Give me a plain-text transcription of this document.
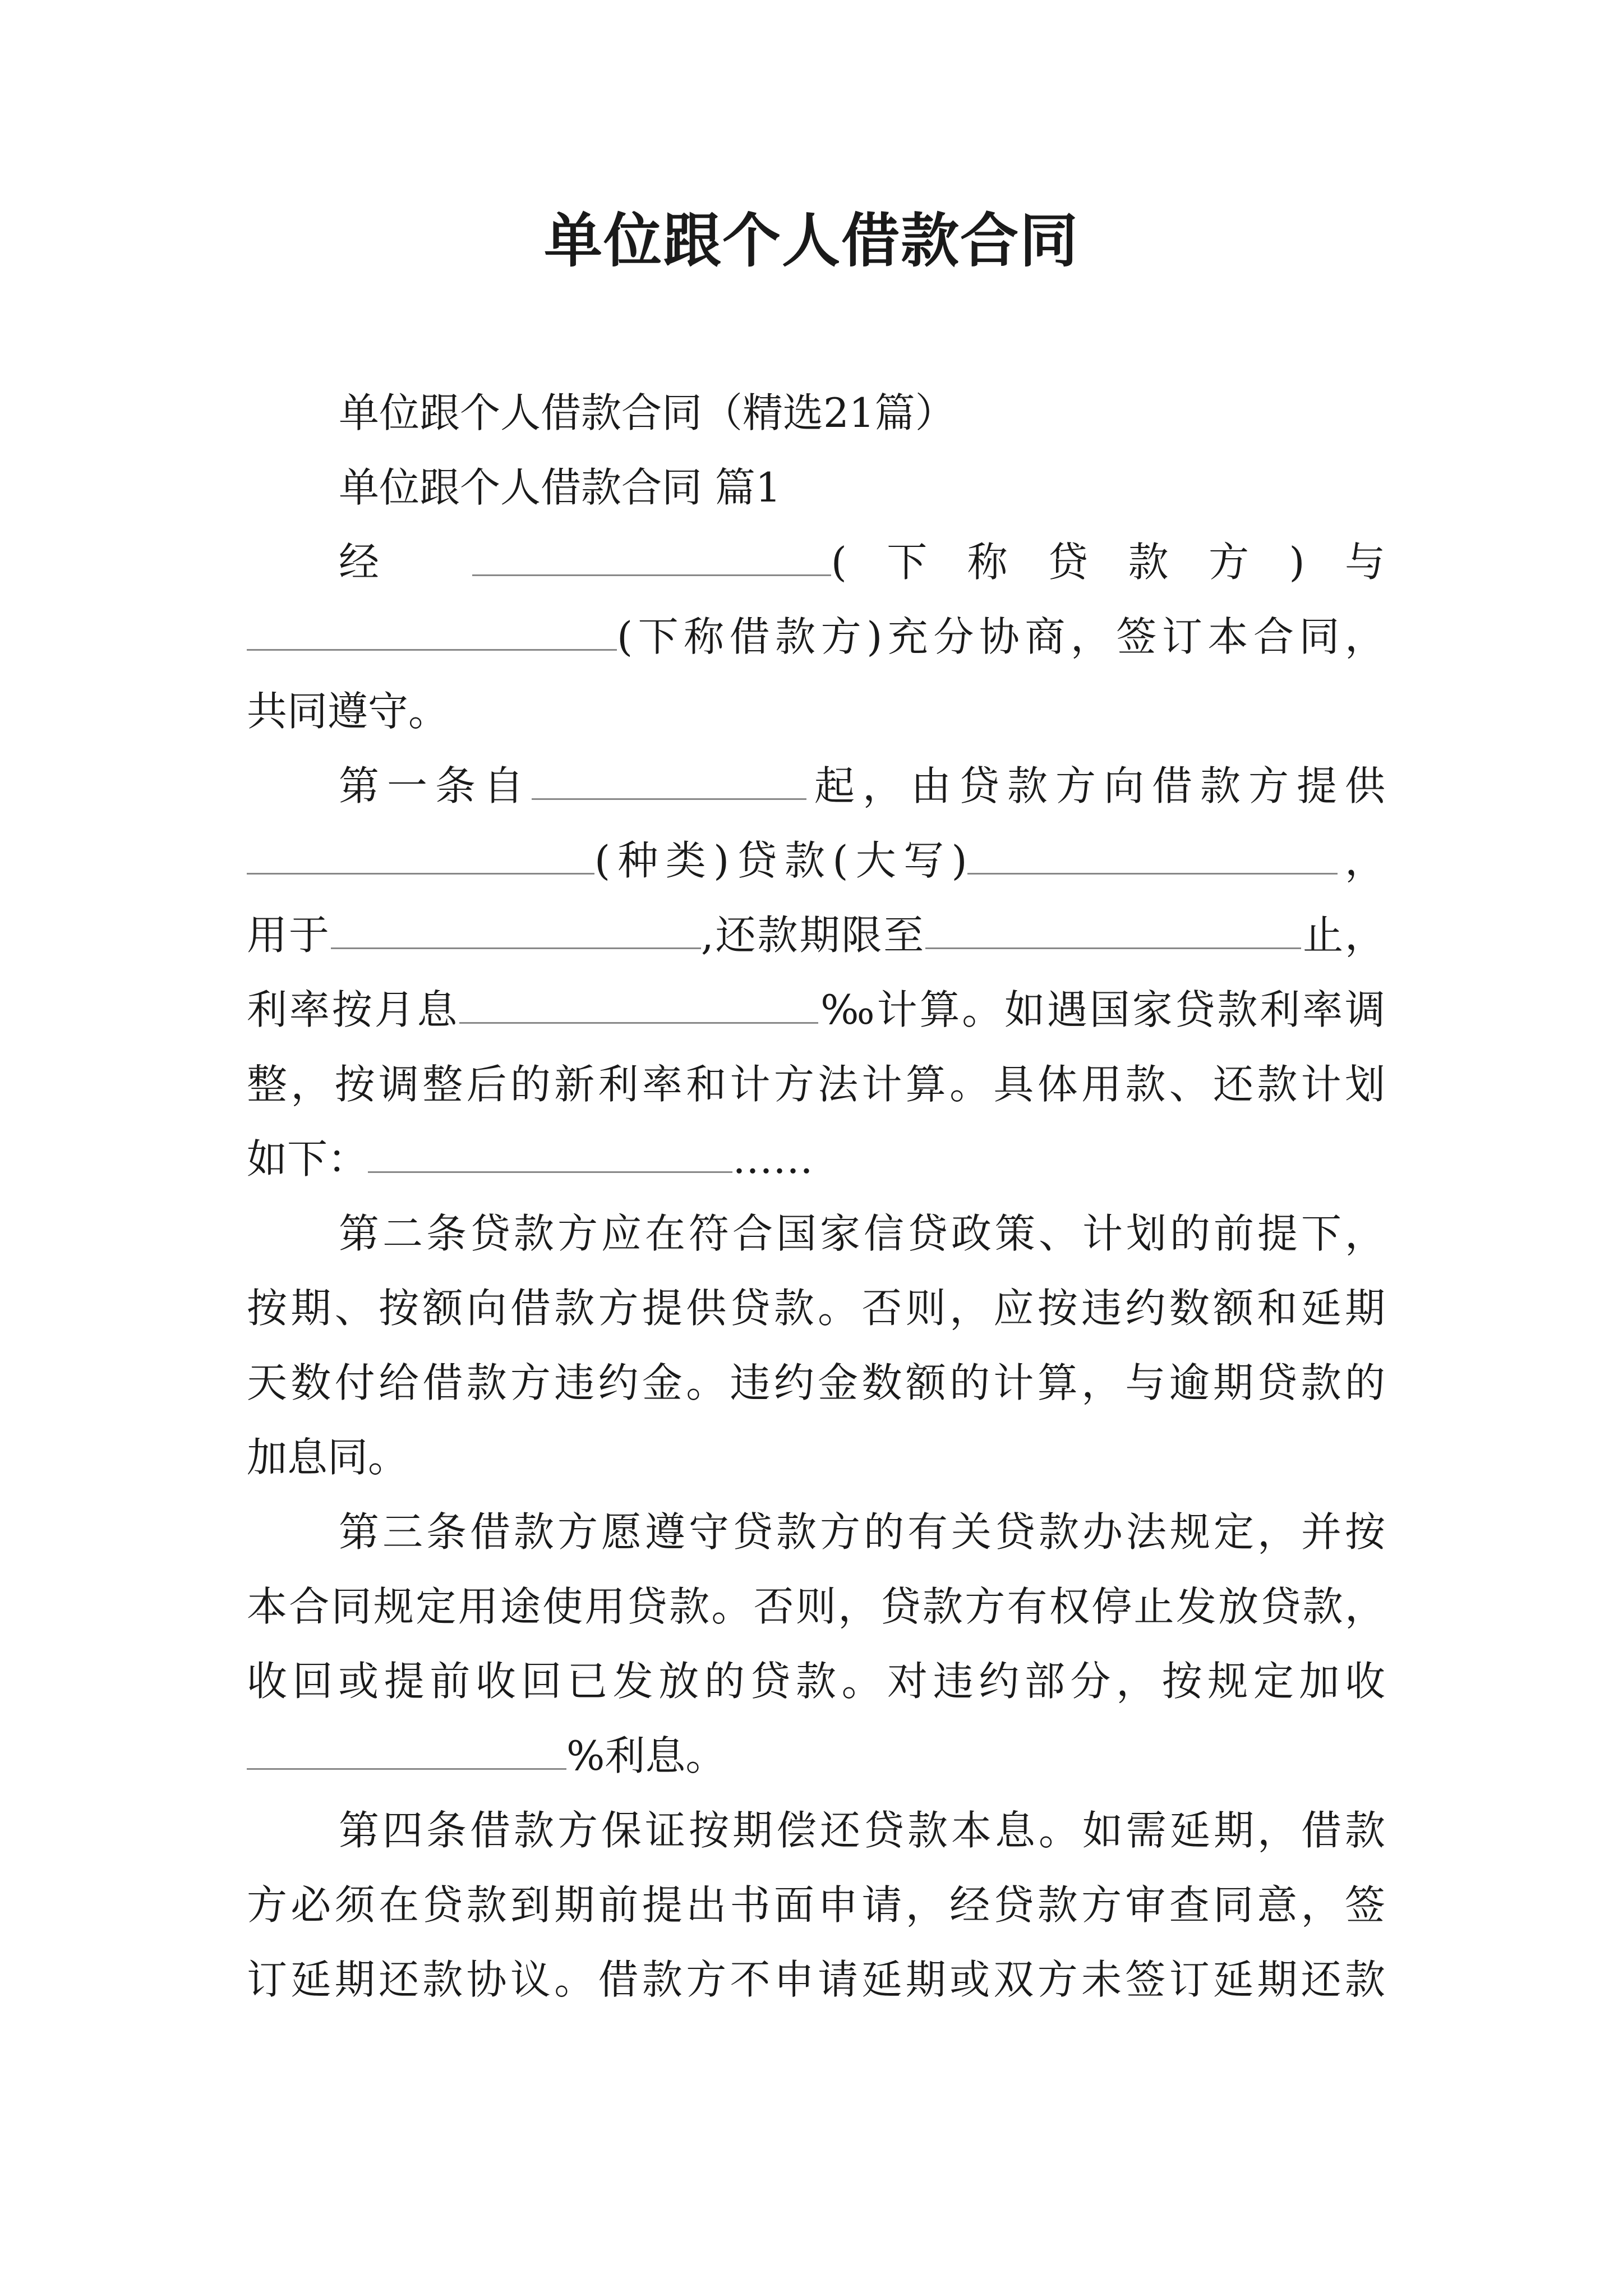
单位跟个人借款合同

单位跟个人借款合同（精选21篇）

单位跟个人借款合同 篇1

经	(下称贷款方)与

(下称借款方)充分协商，签订本合同，

共同遵守。

第一条自	起，由贷款方向借款方提供

(种类)贷款(大写)	，

用于	,还款期限至	止，

利率按月息	‰计算。如遇国家贷款利率调

整，按调整后的新利率和计方法计算。具体用款、还款计划

如下：	……

第二条贷款方应在符合国家信贷政策、计划的前提下，

按期、按额向借款方提供贷款。否则，应按违约数额和延期

天数付给借款方违约金。违约金数额的计算，与逾期贷款的

加息同。

第三条借款方愿遵守贷款方的有关贷款办法规定，并按

本合同规定用途使用贷款。否则，贷款方有权停止发放贷款，

收回或提前收回已发放的贷款。对违约部分，按规定加收

%利息。

第四条借款方保证按期偿还贷款本息。如需延期，借款

方必须在贷款到期前提出书面申请，经贷款方审查同意，签

订延期还款协议。借款方不申请延期或双方未签订延期还款
